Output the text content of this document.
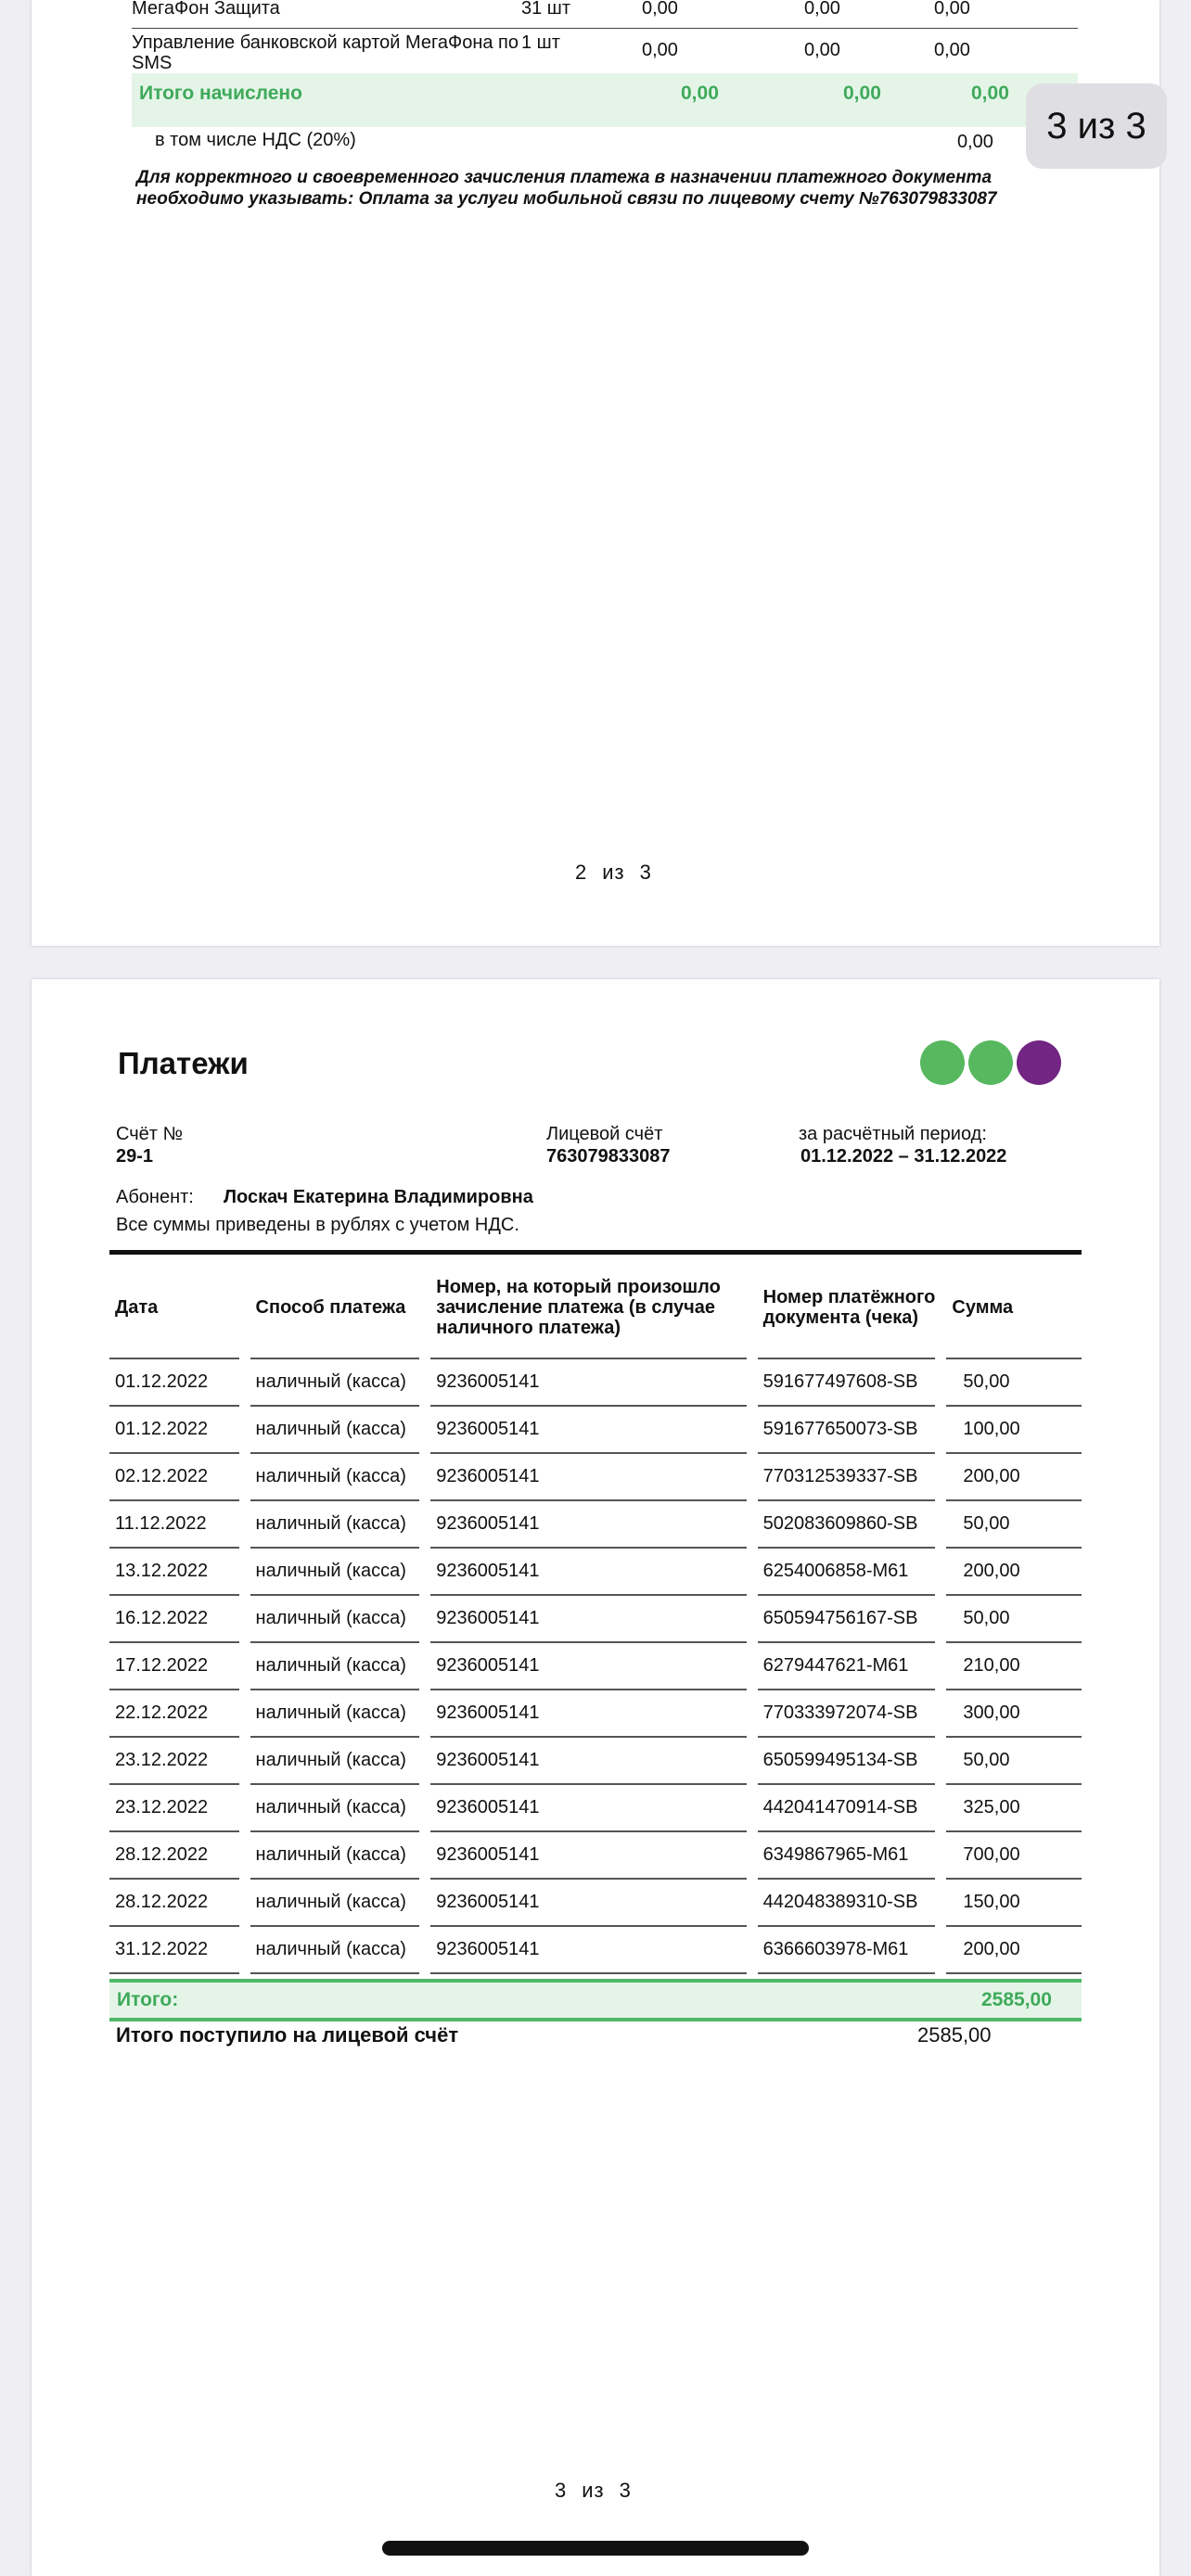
МегаФон Защита	31 шт	0,00	0,00	0,00
Управление банковской картой МегаФона по SMS	1 шт	0,00	0,00	0,00
Итого начислено	0,00	0,00	0,00
в том числе НДС (20%)	0,00
Для корректного и своевременного зачисления платежа в назначении платежного документа необходимо указывать: Оплата за услуги мобильной связи по лицевому счету №763079833087
2 из 3
Платежи
Счёт №
29-1
Лицевой счёт
763079833087
за расчётный период:
01.12.2022 – 31.12.2022
Абонент: Лоскач Екатерина Владимировна
Все суммы приведены в рублях с учетом НДС.
Дата	Способ платежа	Номер, на который произошло зачисление платежа (в случае наличного платежа)	Номер платёжного документа (чека)	Сумма
01.12.2022	наличный (касса)	9236005141	591677497608-SB	50,00
01.12.2022	наличный (касса)	9236005141	591677650073-SB	100,00
02.12.2022	наличный (касса)	9236005141	770312539337-SB	200,00
11.12.2022	наличный (касса)	9236005141	502083609860-SB	50,00
13.12.2022	наличный (касса)	9236005141	6254006858-M61	200,00
16.12.2022	наличный (касса)	9236005141	650594756167-SB	50,00
17.12.2022	наличный (касса)	9236005141	6279447621-M61	210,00
22.12.2022	наличный (касса)	9236005141	770333972074-SB	300,00
23.12.2022	наличный (касса)	9236005141	650599495134-SB	50,00
23.12.2022	наличный (касса)	9236005141	442041470914-SB	325,00
28.12.2022	наличный (касса)	9236005141	6349867965-M61	700,00
28.12.2022	наличный (касса)	9236005141	442048389310-SB	150,00
31.12.2022	наличный (касса)	9236005141	6366603978-M61	200,00
Итого:	2585,00
Итого поступило на лицевой счёт	2585,00
3 из 3
3 из 3
